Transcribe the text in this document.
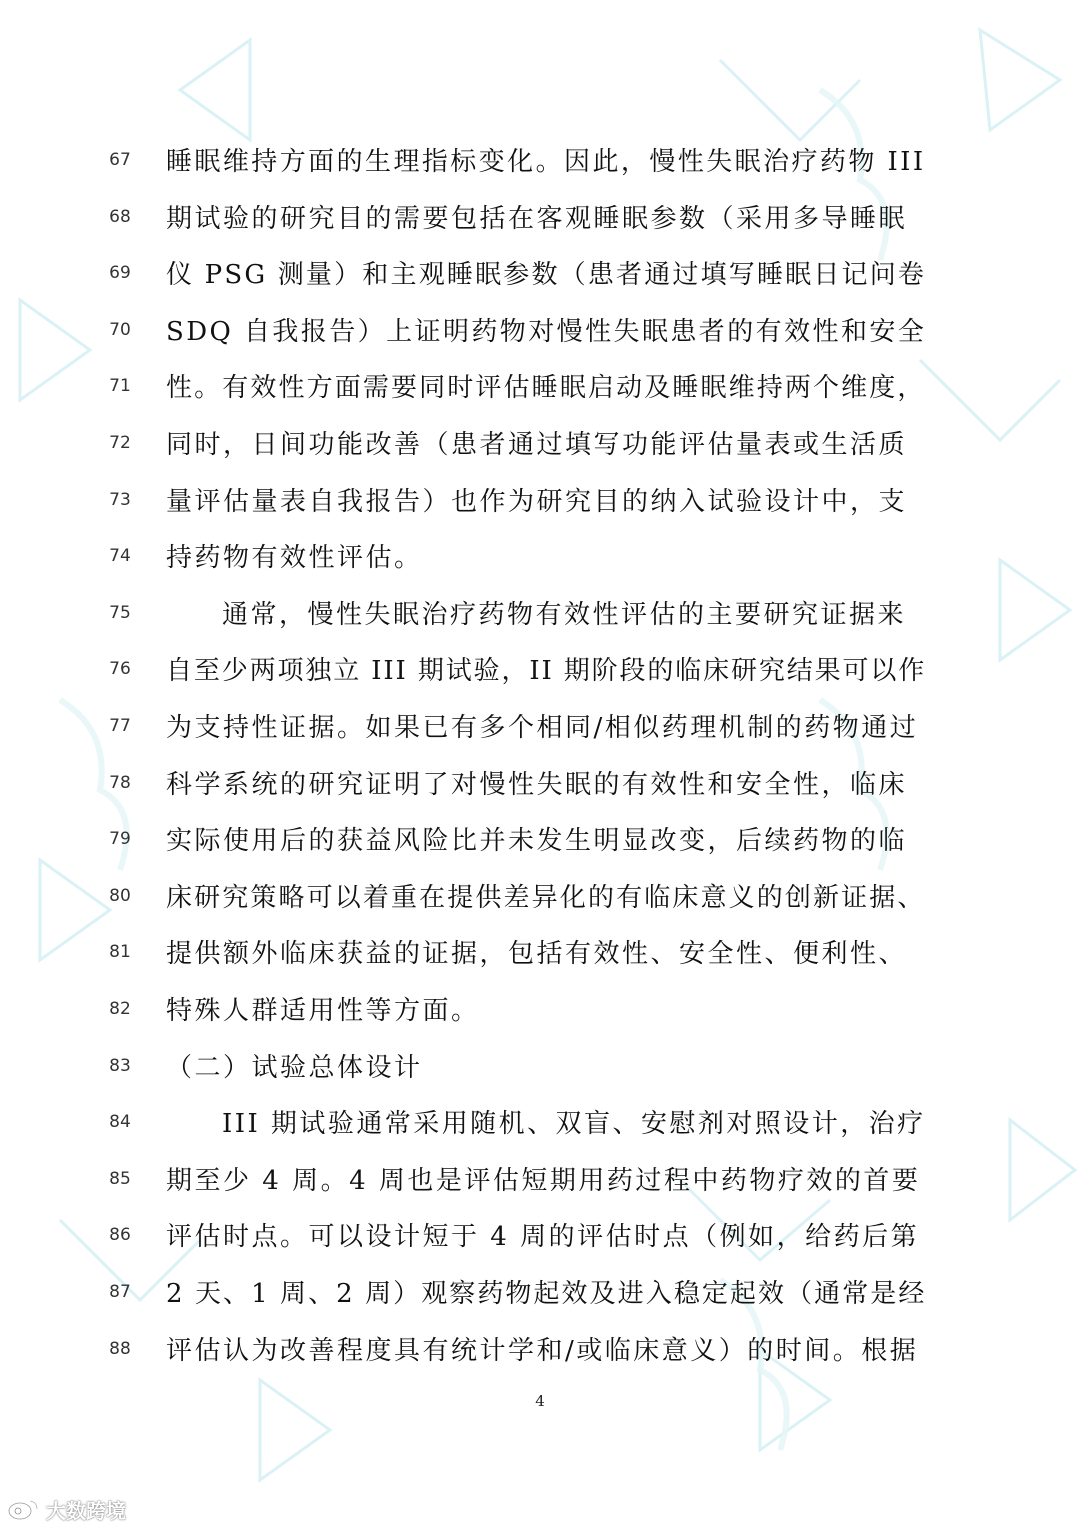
67	睡眠维持方面的生理指标变化。因此，慢性失眠治疗药物 III
68	期试验的研究目的需要包括在客观睡眠参数（采用多导睡眠
69	仪 PSG 测量）和主观睡眠参数（患者通过填写睡眠日记问卷
70	SDQ 自我报告）上证明药物对慢性失眠患者的有效性和安全
71	性。有效性方面需要同时评估睡眠启动及睡眠维持两个维度，
72	同时，日间功能改善（患者通过填写功能评估量表或生活质
73	量评估量表自我报告）也作为研究目的纳入试验设计中，支
74	持药物有效性评估。
75	通常，慢性失眠治疗药物有效性评估的主要研究证据来
76	自至少两项独立 III 期试验，II 期阶段的临床研究结果可以作
77	为支持性证据。如果已有多个相同/相似药理机制的药物通过
78	科学系统的研究证明了对慢性失眠的有效性和安全性，临床
79	实际使用后的获益风险比并未发生明显改变，后续药物的临
80	床研究策略可以着重在提供差异化的有临床意义的创新证据、
81	提供额外临床获益的证据，包括有效性、安全性、便利性、
82	特殊人群适用性等方面。
83	（二）试验总体设计
84	III 期试验通常采用随机、双盲、安慰剂对照设计，治疗
85	期至少 4 周。4 周也是评估短期用药过程中药物疗效的首要
86	评估时点。可以设计短于 4 周的评估时点（例如，给药后第
87	2 天、1 周、2 周）观察药物起效及进入稳定起效（通常是经
88	评估认为改善程度具有统计学和/或临床意义）的时间。根据
4
大数跨境
